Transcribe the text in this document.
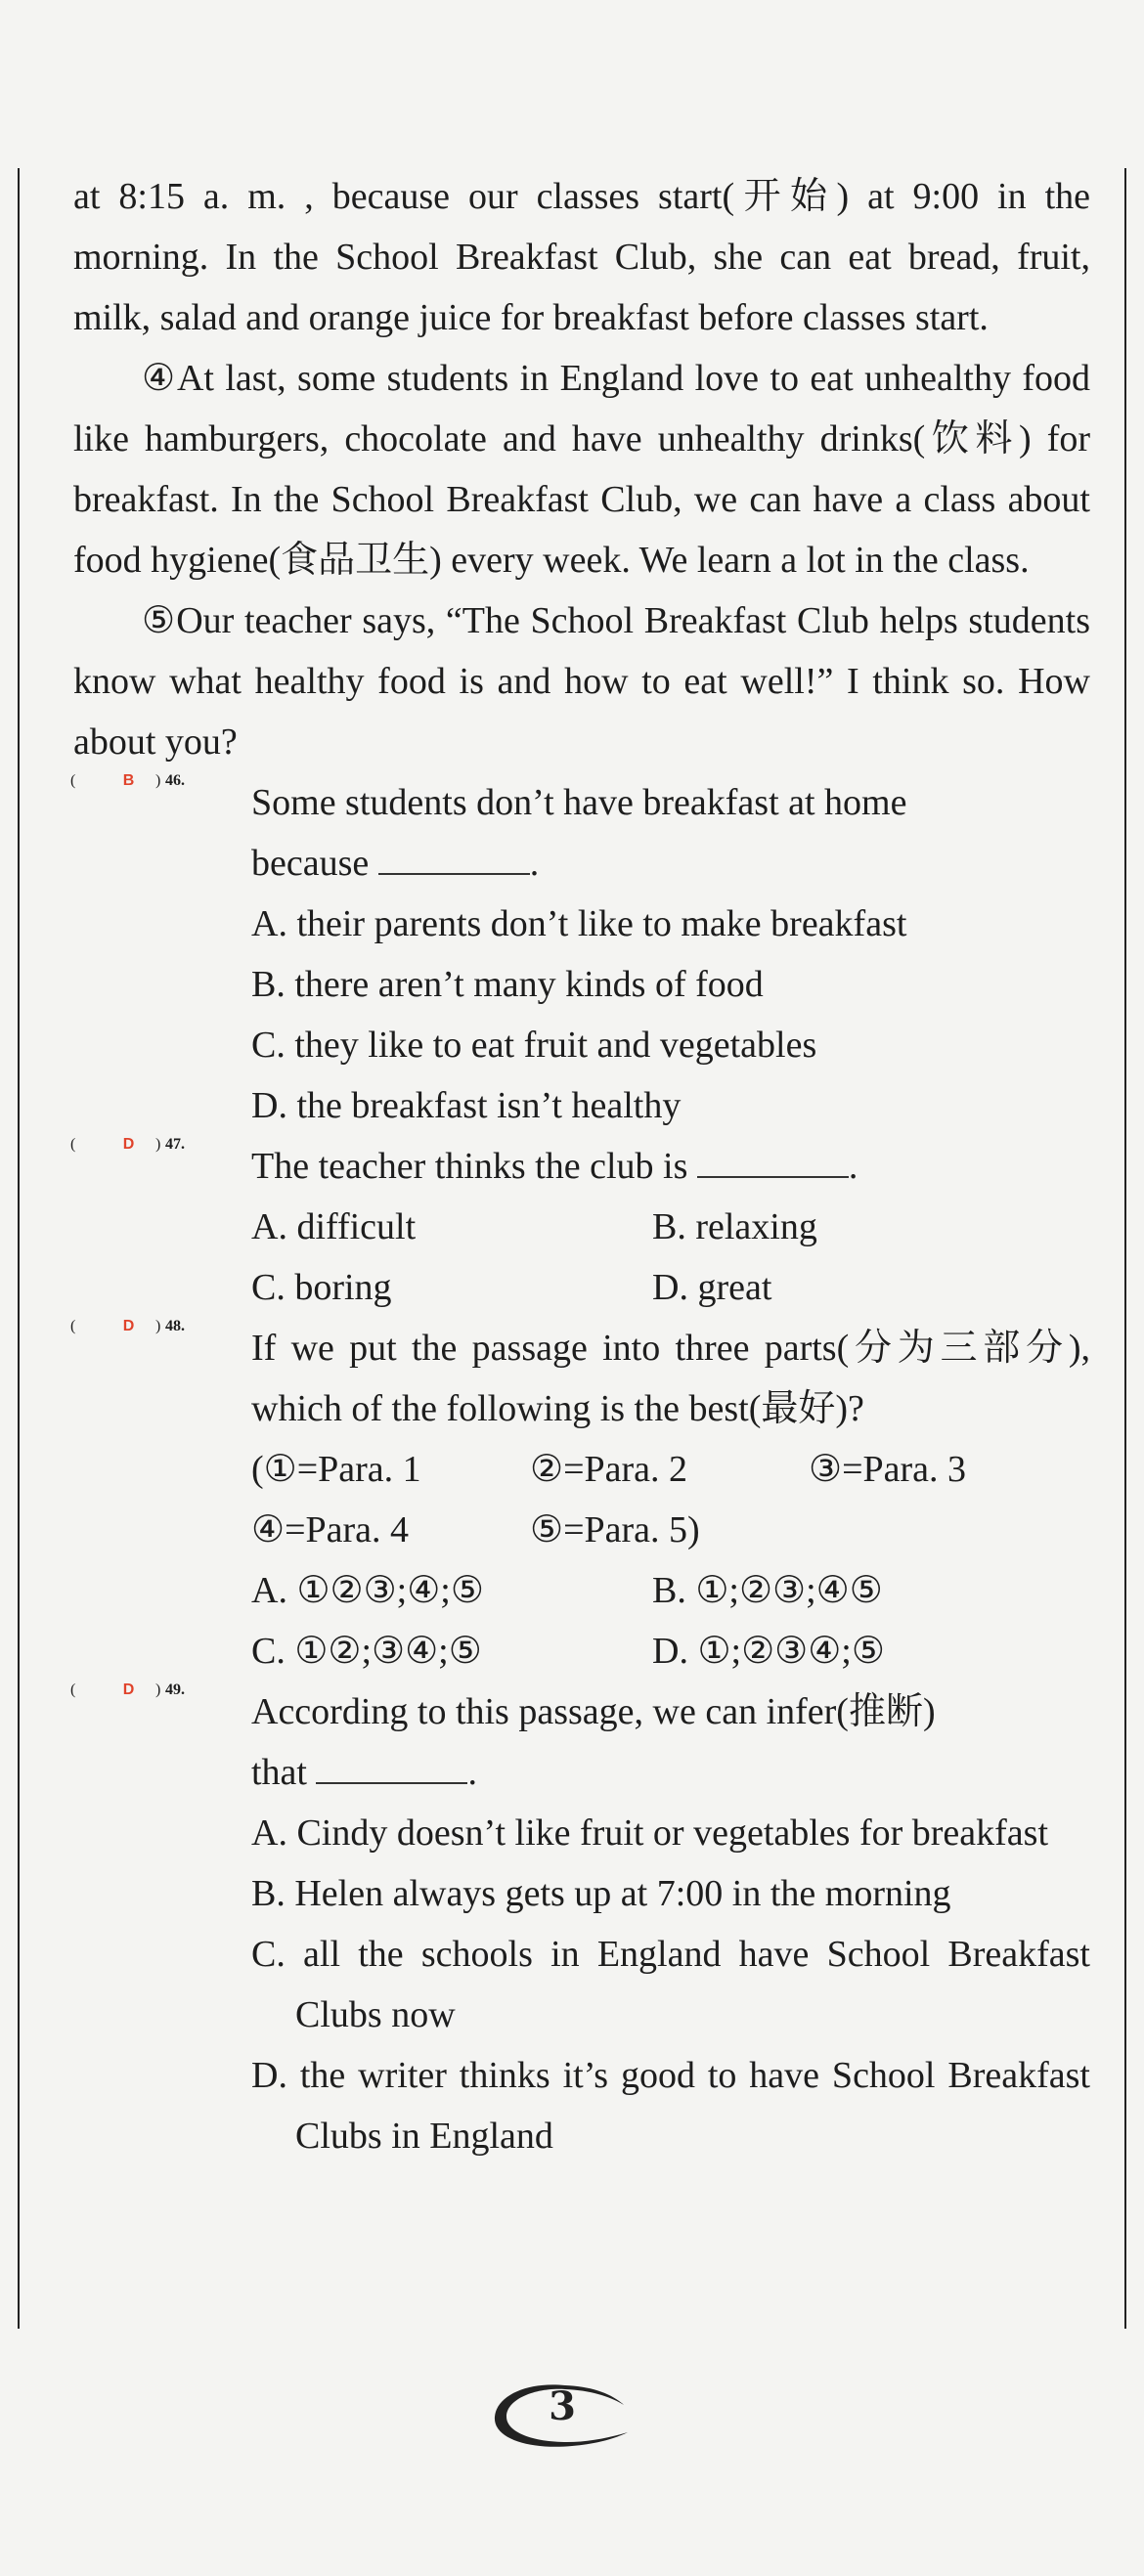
at 8:15 a. m. , because our classes start(开始) at 9:00 in the morning. In the School Breakfast Club, she can eat bread, fruit, milk, salad and orange juice for breakfast before classes start.

④At last, some students in England love to eat unhealthy food like hamburgers, chocolate and have unhealthy drinks(饮料) for breakfast. In the School Breakfast Club, we can have a class about food hygiene(食品卫生) every week. We learn a lot in the class.

⑤Our teacher says, “The School Breakfast Club helps students know what healthy food is and how to eat well!” I think so. How about you?

(	B	) 46.

Some students don’t have breakfast at home

because	.

A. their parents don’t like to make breakfast

B. there aren’t many kinds of food

C. they like to eat fruit and vegetables

D. the breakfast isn’t healthy

(	D	) 47.

The teacher thinks the club is	.

A. difficult	B. relaxing
C. boring	D. great
(	D	) 48.

If we put the passage into three parts(分为三部分), which of the following is the best(最好)?

(①=Para. 1	②=Para. 2	③=Para. 3
④=Para. 4	⑤=Para. 5)
A. ①②③;④;⑤	B. ①;②③;④⑤
C. ①②;③④;⑤	D. ①;②③④;⑤
(	D	) 49.

According to this passage, we can infer(推断)

that	.

A. Cindy doesn’t like fruit or vegetables for breakfast

B. Helen always gets up at 7:00 in the morning

C. all the schools in England have School Breakfast Clubs now

D. the writer thinks it’s good to have School Breakfast Clubs in England

3
